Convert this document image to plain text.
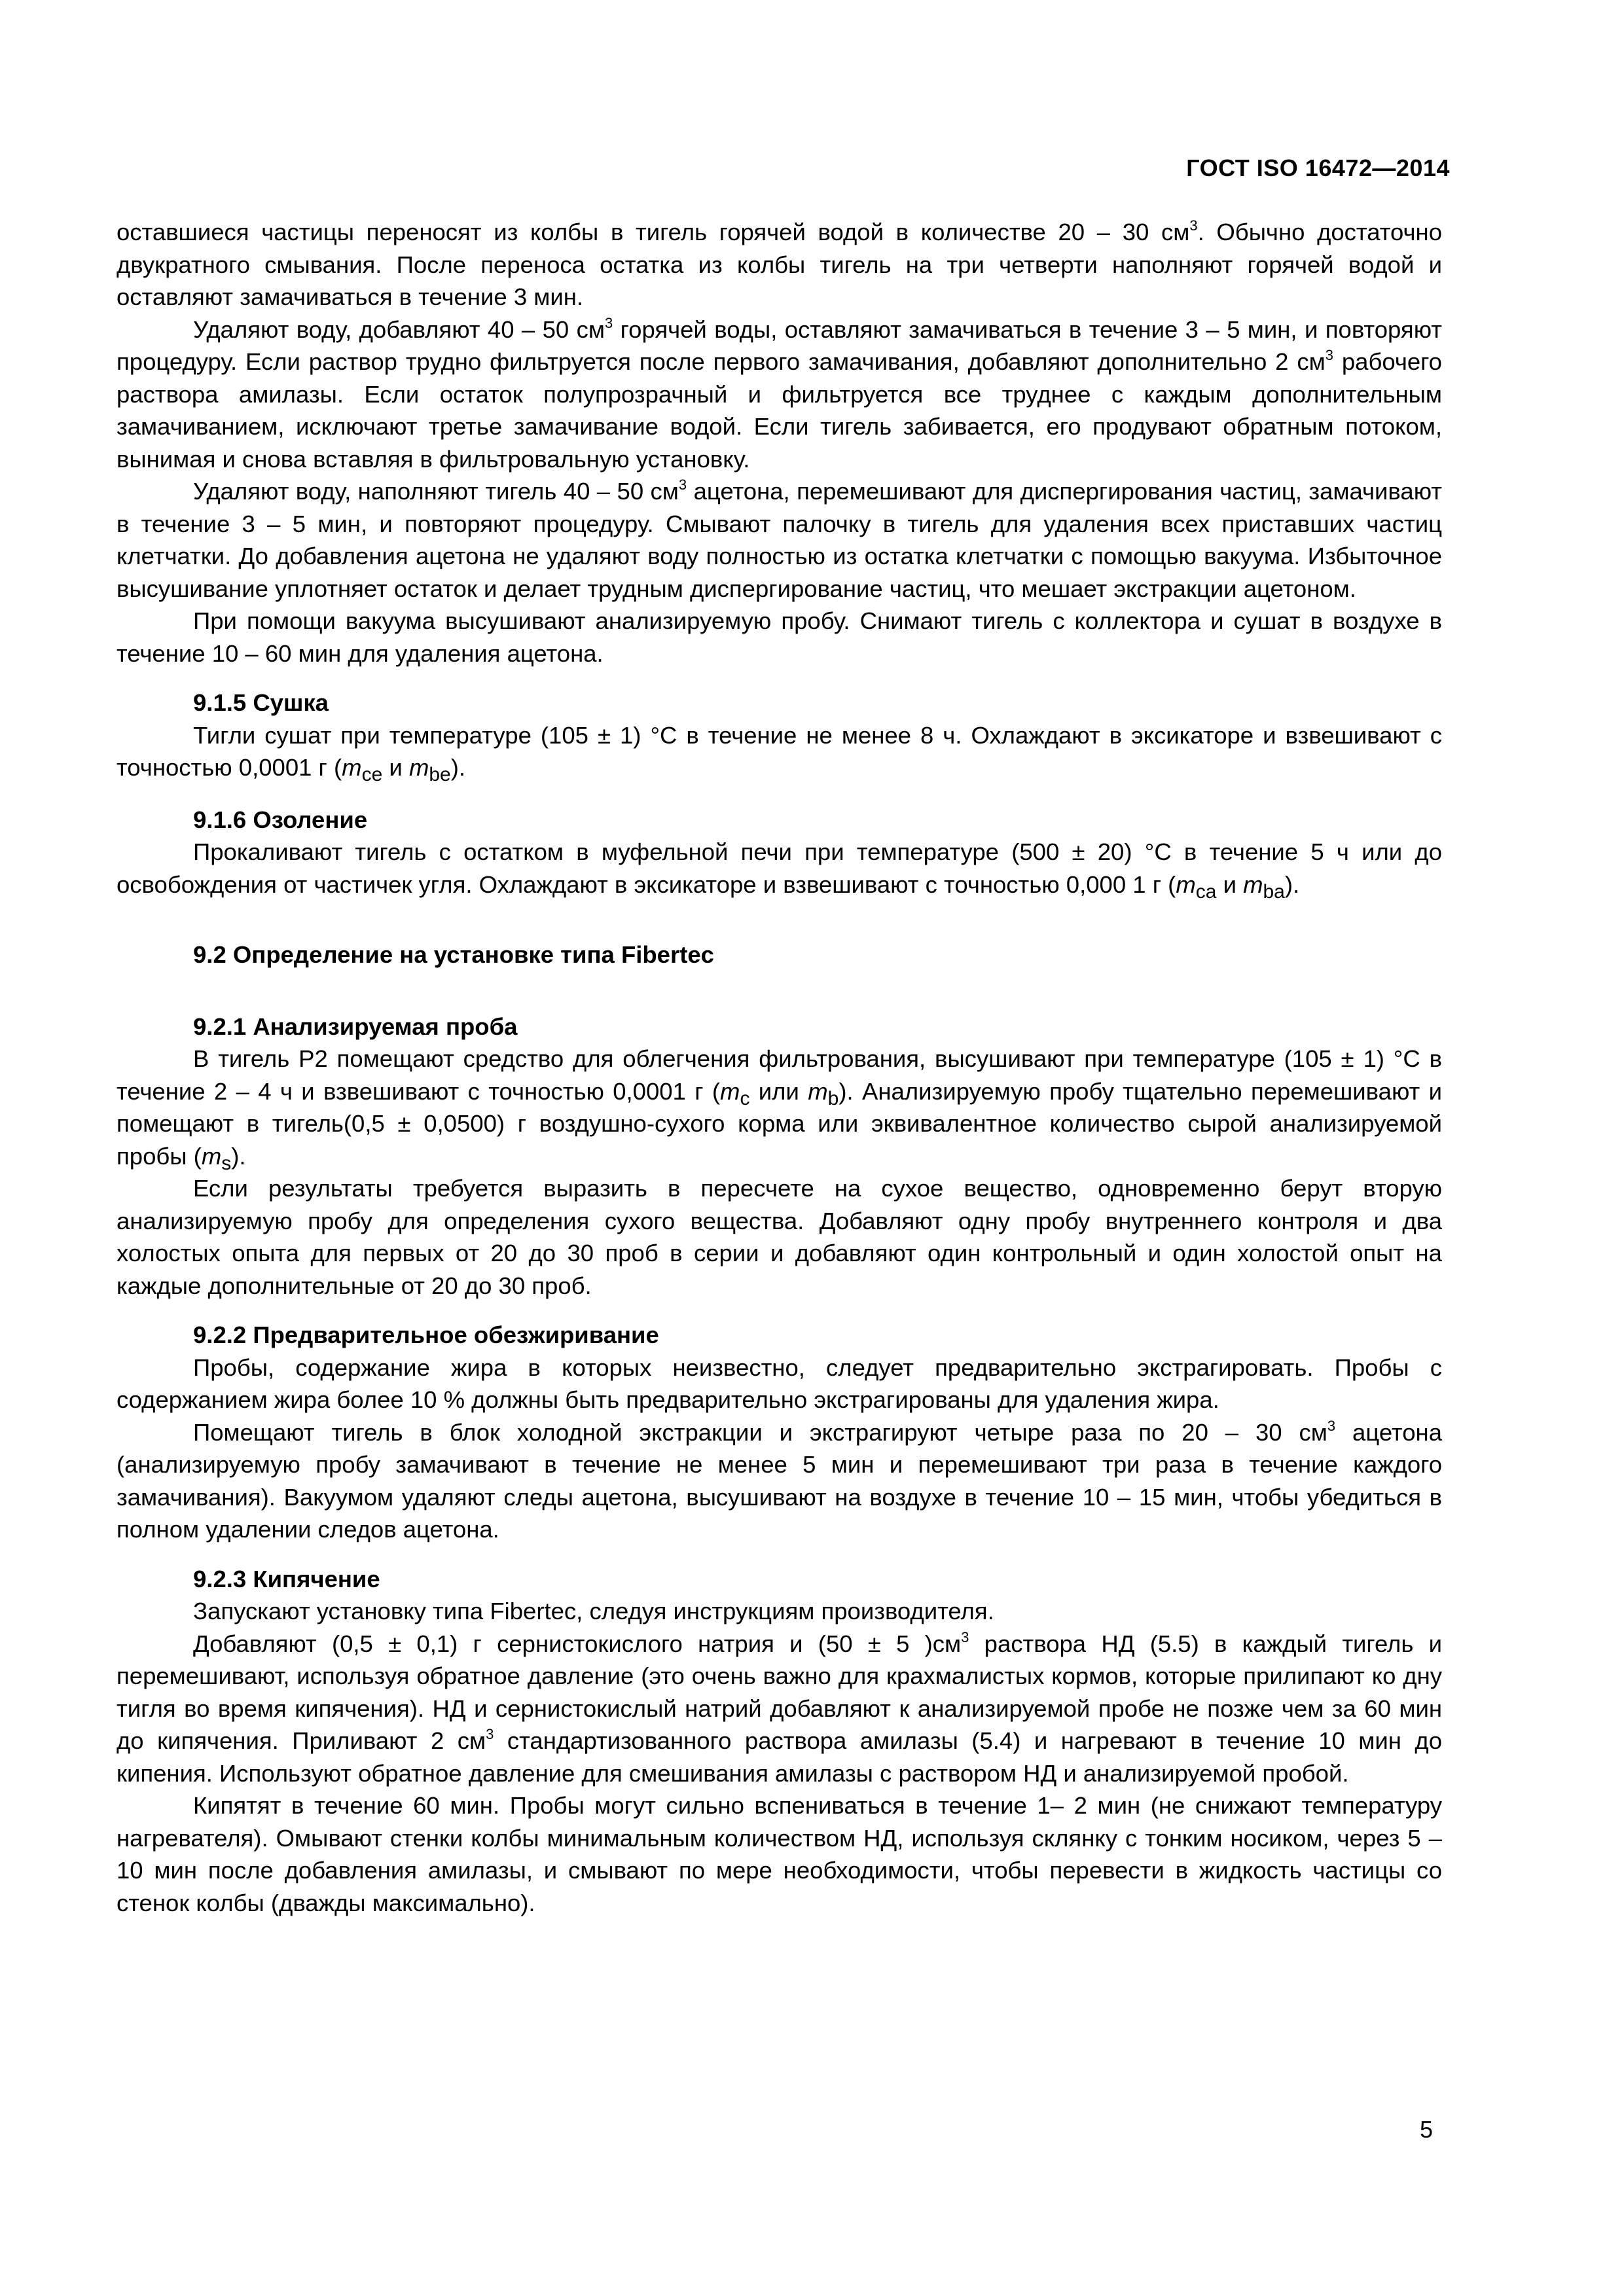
ГОСТ ISO 16472—2014

оставшиеся частицы переносят из колбы в тигель горячей водой в количестве 20 – 30 $см^3$. Обычно достаточно двукратного смывания. После переноса остатка из колбы тигель на три четверти наполняют горячей водой и оставляют замачиваться в течение 3 мин.

Удаляют воду, добавляют 40 – 50 $см^3$ горячей воды, оставляют замачиваться в течение 3 – 5 мин, и повторяют процедуру. Если раствор трудно фильтруется после первого замачивания, добавляют дополнительно 2 $см^3$ рабочего раствора амилазы. Если остаток полупрозрачный и фильтруется все труднее с каждым дополнительным замачиванием, исключают третье замачивание водой. Если тигель забивается, его продувают обратным потоком, вынимая и снова вставляя в фильтровальную установку.

Удаляют воду, наполняют тигель 40 – 50 $см^3$ ацетона, перемешивают для диспергирования частиц, замачивают в течение 3 – 5 мин, и повторяют процедуру. Смывают палочку в тигель для удаления всех приставших частиц клетчатки. До добавления ацетона не удаляют воду полностью из остатка клетчатки с помощью вакуума. Избыточное высушивание уплотняет остаток и делает трудным диспергирование частиц, что мешает экстракции ацетоном.

При помощи вакуума высушивают анализируемую пробу. Снимают тигель с коллектора и сушат в воздухе в течение 10 – 60 мин для удаления ацетона.

9.1.5 Сушка

Тигли сушат при температуре (105 ± 1) °С в течение не менее 8 ч. Охлаждают в эксикаторе и взвешивают с точностью 0,0001 г ($m_{ce}$ и $m_{be}$).

9.1.6 Озоление

Прокаливают тигель с остатком в муфельной печи при температуре (500 ± 20) °С в течение 5 ч или до освобождения от частичек угля. Охлаждают в эксикаторе и взвешивают с точностью 0,000 1 г ($m_{ca}$ и $m_{ba}$).

9.2 Определение на установке типа Fibertec
9.2.1 Анализируемая проба

В тигель Р2 помещают средство для облегчения фильтрования, высушивают при температуре (105 ± 1) °С в течение 2 – 4 ч и взвешивают с точностью 0,0001 г ($m_c$ или $m_b$). Анализируемую пробу тщательно перемешивают и помещают в тигель(0,5 ± 0,0500) г воздушно-сухого корма или эквивалентное количество сырой анализируемой пробы $(m_s)$.

Если результаты требуется выразить в пересчете на сухое вещество, одновременно берут вторую анализируемую пробу для определения сухого вещества. Добавляют одну пробу внутреннего контроля и два холостых опыта для первых от 20 до 30 проб в серии и добавляют один контрольный и один холостой опыт на каждые дополнительные от 20 до 30 проб.

9.2.2 Предварительное обезжиривание

Пробы, содержание жира в которых неизвестно, следует предварительно экстрагировать. Пробы с содержанием жира более 10 % должны быть предварительно экстрагированы для удаления жира.

Помещают тигель в блок холодной экстракции и экстрагируют четыре раза по 20 – 30 $см^3$ ацетона (анализируемую пробу замачивают в течение не менее 5 мин и перемешивают три раза в течение каждого замачивания). Вакуумом удаляют следы ацетона, высушивают на воздухе в течение 10 – 15 мин, чтобы убедиться в полном удалении следов ацетона.

9.2.3 Кипячение

Запускают установку типа Fibertec, следуя инструкциям производителя.

Добавляют (0,5 ± 0,1) г сернистокислого натрия и (50 ± 5 )$см^3$ раствора НД (5.5) в каждый тигель и перемешивают, используя обратное давление (это очень важно для крахмалистых кормов, которые прилипают ко дну тигля во время кипячения). НД и сернистокислый натрий добавляют к анализируемой пробе не позже чем за 60 мин до кипячения. Приливают 2 $см^3$ стандартизованного раствора амилазы (5.4) и нагревают в течение 10 мин до кипения. Используют обратное давление для смешивания амилазы с раствором НД и анализируемой пробой.

Кипятят в течение 60 мин. Пробы могут сильно вспениваться в течение 1– 2 мин (не снижают температуру нагревателя). Омывают стенки колбы минимальным количеством НД, используя склянку с тонким носиком, через 5 – 10 мин после добавления амилазы, и смывают по мере необходимости, чтобы перевести в жидкость частицы со стенок колбы (дважды максимально).

5
